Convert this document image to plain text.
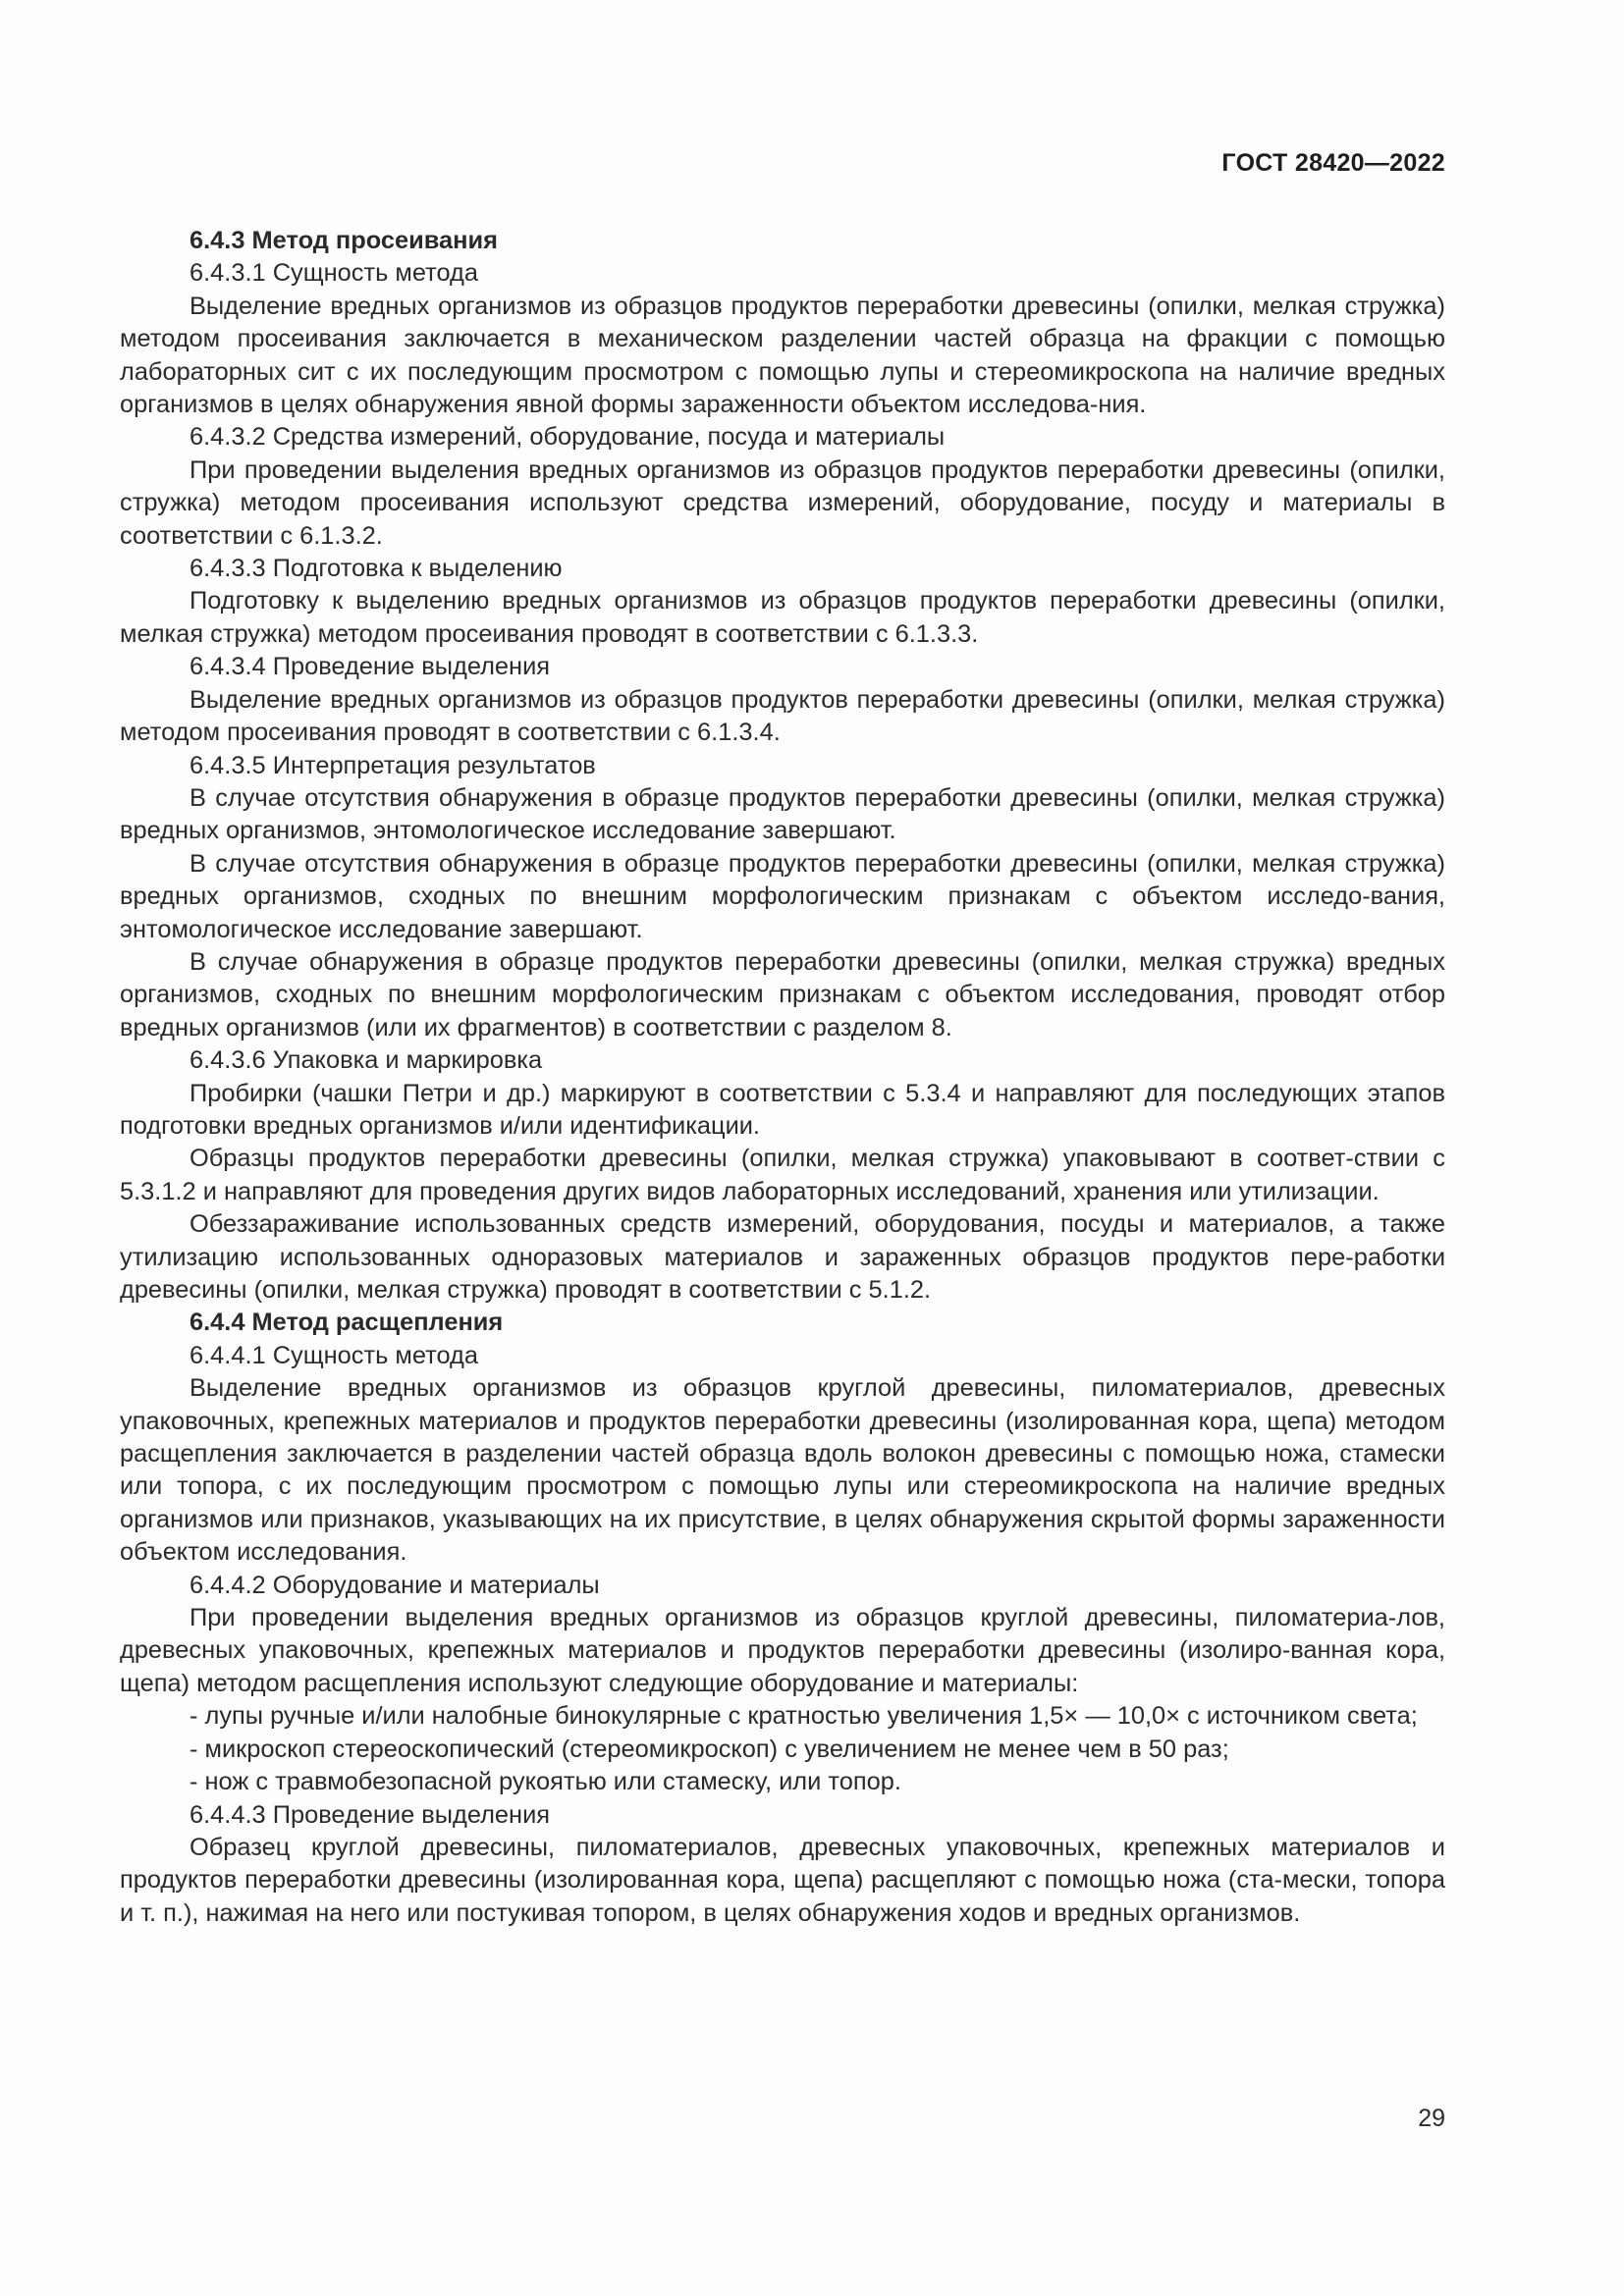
ГОСТ 28420—2022

6.4.3 Метод просеивания

6.4.3.1 Сущность метода

Выделение вредных организмов из образцов продуктов переработки древесины (опилки, мелкая стружка) методом просеивания заключается в механическом разделении частей образца на фракции с помощью лабораторных сит с их последующим просмотром с помощью лупы и стереомикроскопа на наличие вредных организмов в целях обнаружения явной формы зараженности объектом исследова-ния.

6.4.3.2 Средства измерений, оборудование, посуда и материалы

При проведении выделения вредных организмов из образцов продуктов переработки древесины (опилки, стружка) методом просеивания используют средства измерений, оборудование, посуду и материалы в соответствии с 6.1.3.2.

6.4.3.3 Подготовка к выделению

Подготовку к выделению вредных организмов из образцов продуктов переработки древесины (опилки, мелкая стружка) методом просеивания проводят в соответствии с 6.1.3.3.

6.4.3.4 Проведение выделения

Выделение вредных организмов из образцов продуктов переработки древесины (опилки, мелкая стружка) методом просеивания проводят в соответствии с 6.1.3.4.

6.4.3.5 Интерпретация результатов

В случае отсутствия обнаружения в образце продуктов переработки древесины (опилки, мелкая стружка) вредных организмов, энтомологическое исследование завершают.

В случае отсутствия обнаружения в образце продуктов переработки древесины (опилки, мелкая стружка) вредных организмов, сходных по внешним морфологическим признакам с объектом исследо-вания, энтомологическое исследование завершают.

В случае обнаружения в образце продуктов переработки древесины (опилки, мелкая стружка) вредных организмов, сходных по внешним морфологическим признакам с объектом исследования, проводят отбор вредных организмов (или их фрагментов) в соответствии с разделом 8.

6.4.3.6 Упаковка и маркировка

Пробирки (чашки Петри и др.) маркируют в соответствии с 5.3.4 и направляют для последующих этапов подготовки вредных организмов и/или идентификации.

Образцы продуктов переработки древесины (опилки, мелкая стружка) упаковывают в соответ-ствии с 5.3.1.2 и направляют для проведения других видов лабораторных исследований, хранения или утилизации.

Обеззараживание использованных средств измерений, оборудования, посуды и материалов, а также утилизацию использованных одноразовых материалов и зараженных образцов продуктов пере-работки древесины (опилки, мелкая стружка) проводят в соответствии с 5.1.2.

6.4.4 Метод расщепления

6.4.4.1 Сущность метода

Выделение вредных организмов из образцов круглой древесины, пиломатериалов, древесных упаковочных, крепежных материалов и продуктов переработки древесины (изолированная кора, щепа) методом расщепления заключается в разделении частей образца вдоль волокон древесины с помощью ножа, стамески или топора, с их последующим просмотром с помощью лупы или стереомикроскопа на наличие вредных организмов или признаков, указывающих на их присутствие, в целях обнаружения скрытой формы зараженности объектом исследования.

6.4.4.2 Оборудование и материалы

При проведении выделения вредных организмов из образцов круглой древесины, пиломатериа-лов, древесных упаковочных, крепежных материалов и продуктов переработки древесины (изолиро-ванная кора, щепа) методом расщепления используют следующие оборудование и материалы:

- лупы ручные и/или налобные бинокулярные с кратностью увеличения 1,5× — 10,0× с источником света;

- микроскоп стереоскопический (стереомикроскоп) с увеличением не менее чем в 50 раз;

- нож с травмобезопасной рукоятью или стамеску, или топор.

6.4.4.3 Проведение выделения

Образец круглой древесины, пиломатериалов, древесных упаковочных, крепежных материалов и продуктов переработки древесины (изолированная кора, щепа) расщепляют с помощью ножа (ста-мески, топора и т. п.), нажимая на него или постукивая топором, в целях обнаружения ходов и вредных организмов.

29
